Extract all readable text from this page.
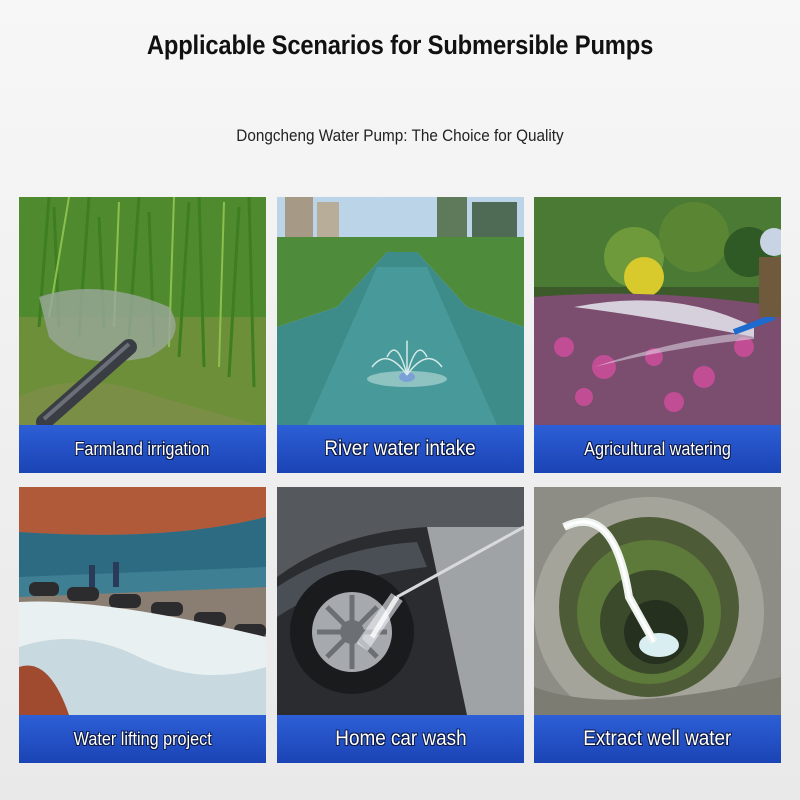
Applicable Scenarios for Submersible Pumps
Dongcheng Water Pump: The Choice for Quality
Farmland irrigation	River water intake	Agricultural watering
Water lifting project	Home car wash	Extract well water
